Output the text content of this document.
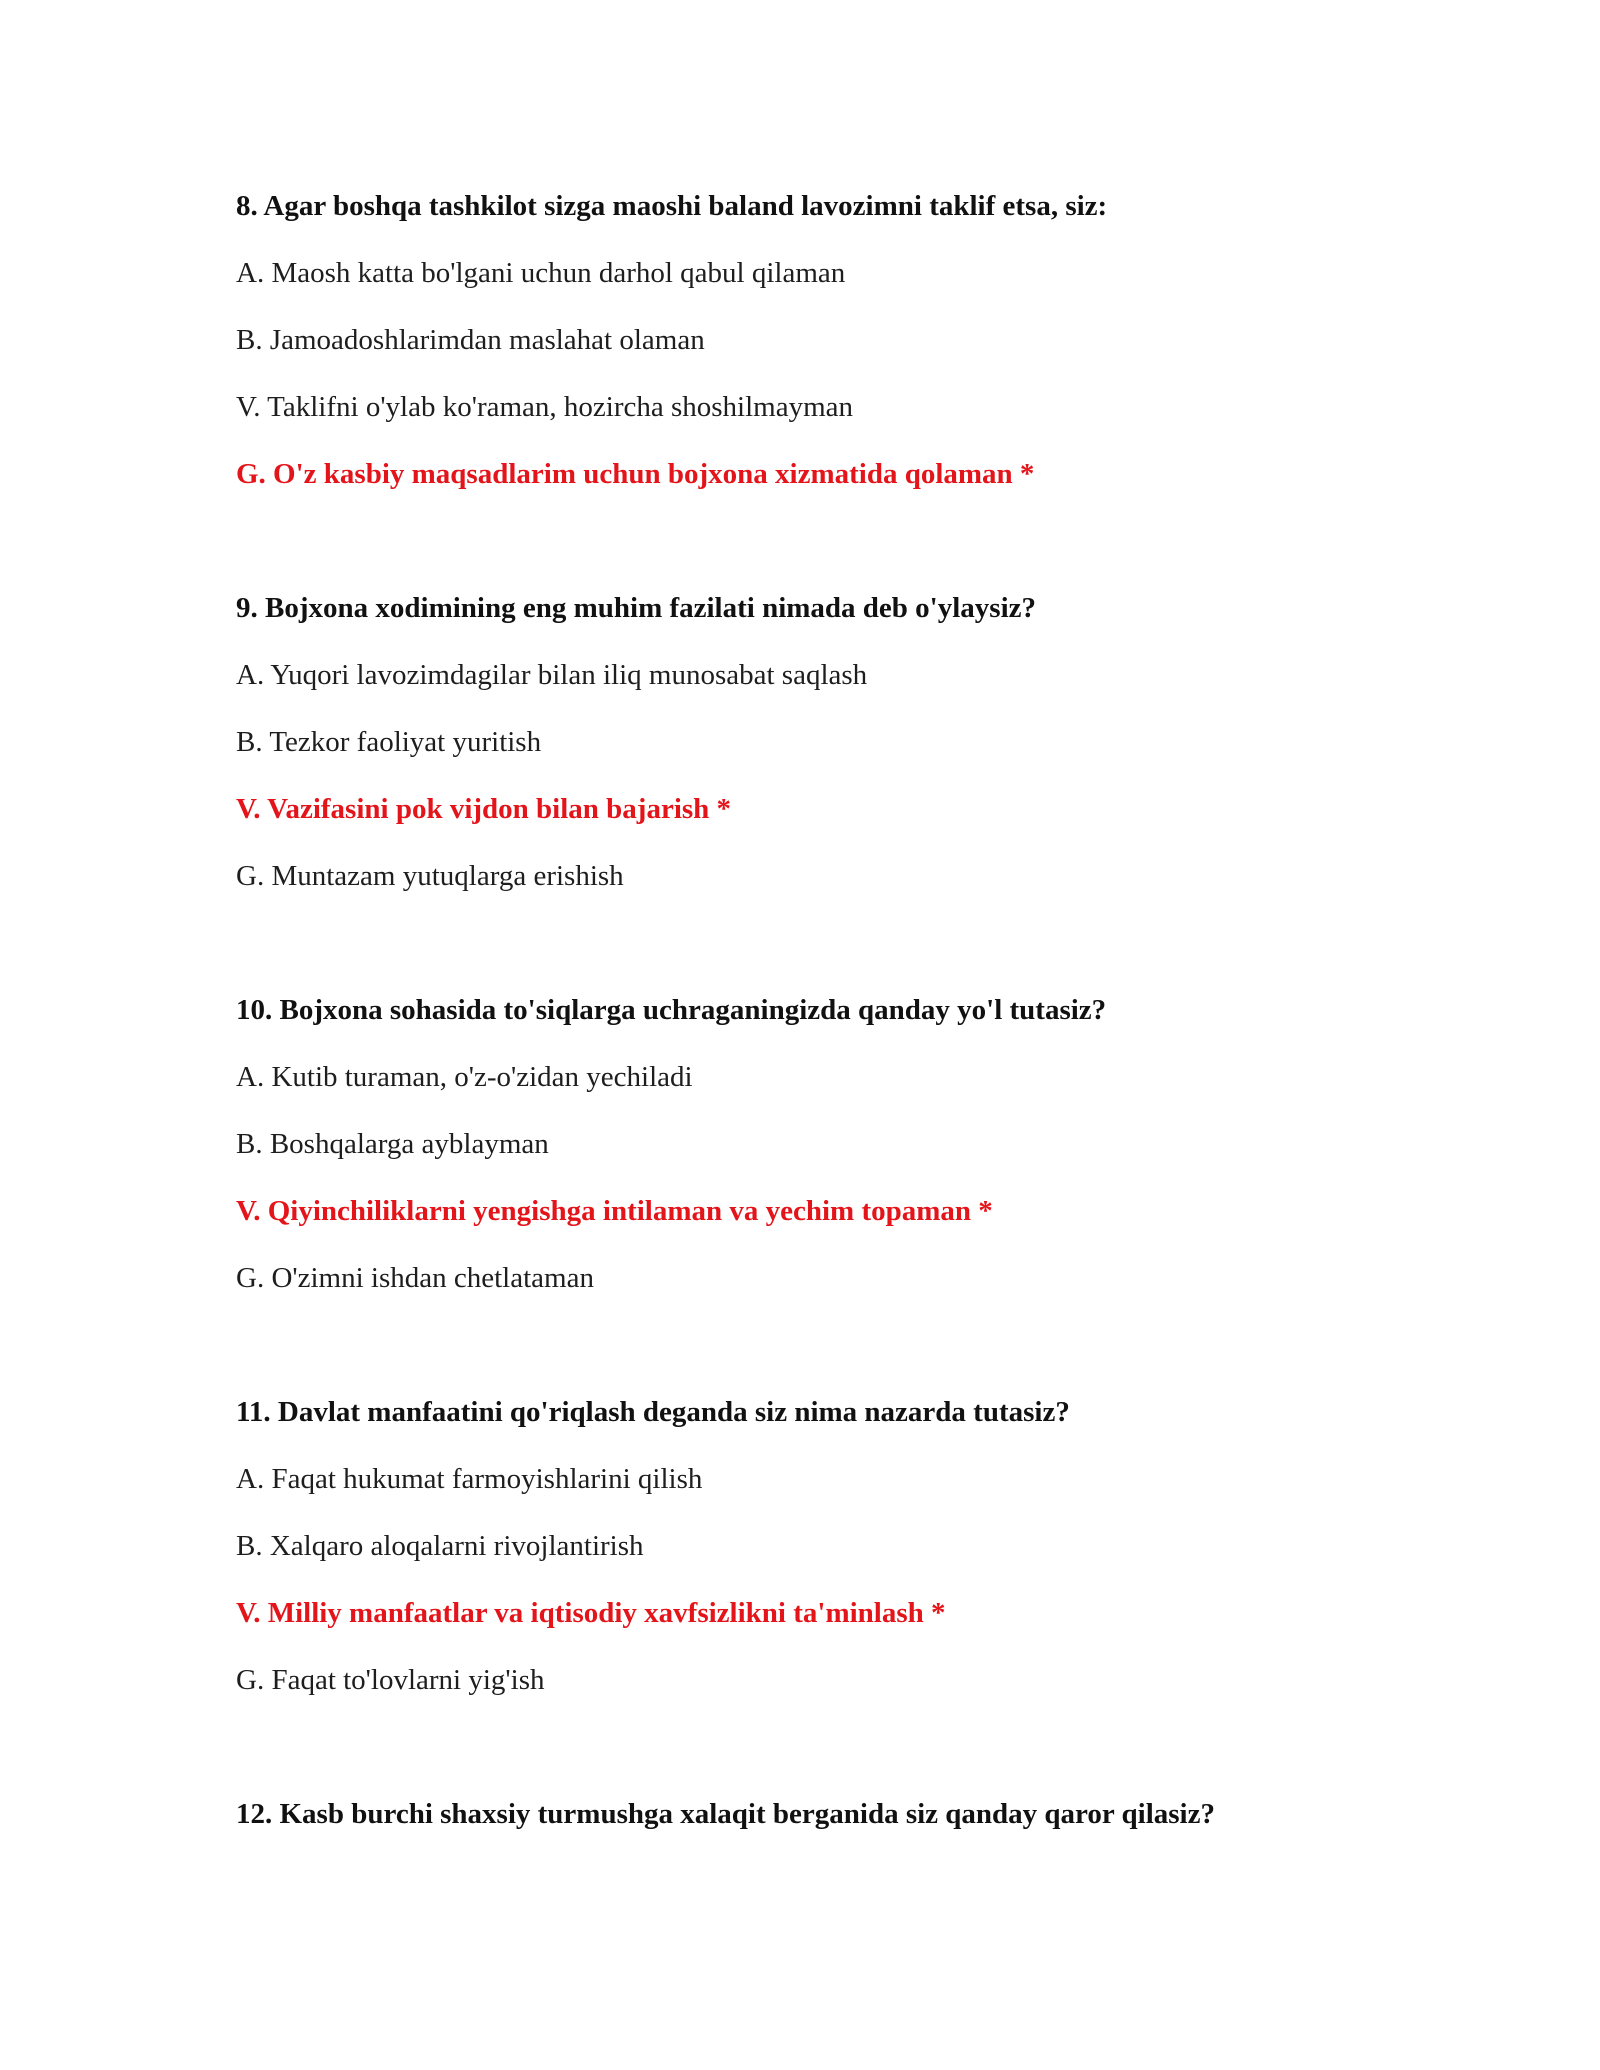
8. Agar boshqa tashkilot sizga maoshi baland lavozimni taklif etsa, siz:
A. Maosh katta bo'lgani uchun darhol qabul qilaman
B. Jamoadoshlarimdan maslahat olaman
V. Taklifni o'ylab ko'raman, hozircha shoshilmayman
G. O'z kasbiy maqsadlarim uchun bojxona xizmatida qolaman *
9. Bojxona xodimining eng muhim fazilati nimada deb o'ylaysiz?
A. Yuqori lavozimdagilar bilan iliq munosabat saqlash
B. Tezkor faoliyat yuritish
V. Vazifasini pok vijdon bilan bajarish *
G. Muntazam yutuqlarga erishish
10. Bojxona sohasida to'siqlarga uchraganingizda qanday yo'l tutasiz?
A. Kutib turaman, o'z-o'zidan yechiladi
B. Boshqalarga ayblayman
V. Qiyinchiliklarni yengishga intilaman va yechim topaman *
G. O'zimni ishdan chetlataman
11. Davlat manfaatini qo'riqlash deganda siz nima nazarda tutasiz?
A. Faqat hukumat farmoyishlarini qilish
B. Xalqaro aloqalarni rivojlantirish
V. Milliy manfaatlar va iqtisodiy xavfsizlikni ta'minlash *
G. Faqat to'lovlarni yig'ish
12. Kasb burchi shaxsiy turmushga xalaqit berganida siz qanday qaror qilasiz?
